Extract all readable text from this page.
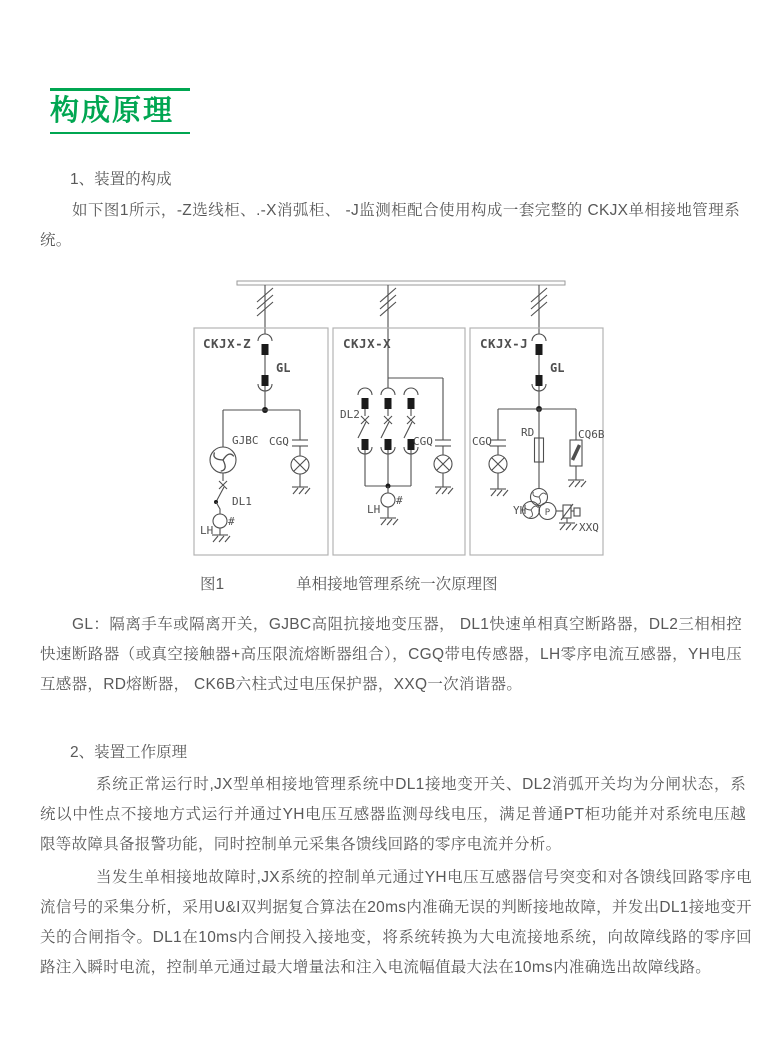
构成原理
1、装置的构成

如下图1所示，-Z选线柜、.-X消弧柜、 -J监测柜配合使用构成一套完整的 CKJX单相接地管理系统。

CKJX-Z
GL
GJBC
DL1
#
LH
CGQ
CKJX-X
DL2
#
LH
CGQ
CKJX-J
GL
CGQ
RD
P
YH
CQ6B
XXQ
图1	单相接地管理系统一次原理图

GL：隔离手车或隔离开关，GJBC高阻抗接地变压器， DL1快速单相真空断路器，DL2三相相控快速断路器（或真空接触器+高压限流熔断器组合），CGQ带电传感器，LH零序电流互感器，YH电压互感器，RD熔断器， CK6B六柱式过电压保护器，XXQ一次消谐器。

2、装置工作原理

系统正常运行时,JX型单相接地管理系统中DL1接地变开关、DL2消弧开关均为分闸状态，系统以中性点不接地方式运行并通过YH电压互感器监测母线电压，满足普通PT柜功能并对系统电压越限等故障具备报警功能，同时控制单元采集各馈线回路的零序电流并分析。

当发生单相接地故障时,JX系统的控制单元通过YH电压互感器信号突变和对各馈线回路零序电流信号的采集分析，采用U&I双判据复合算法在20ms内准确无误的判断接地故障，并发出DL1接地变开关的合闸指令。DL1在10ms内合闸投入接地变，将系统转换为大电流接地系统，向故障线路的零序回路注入瞬时电流，控制单元通过最大增量法和注入电流幅值最大法在10ms内准确选出故障线路。
